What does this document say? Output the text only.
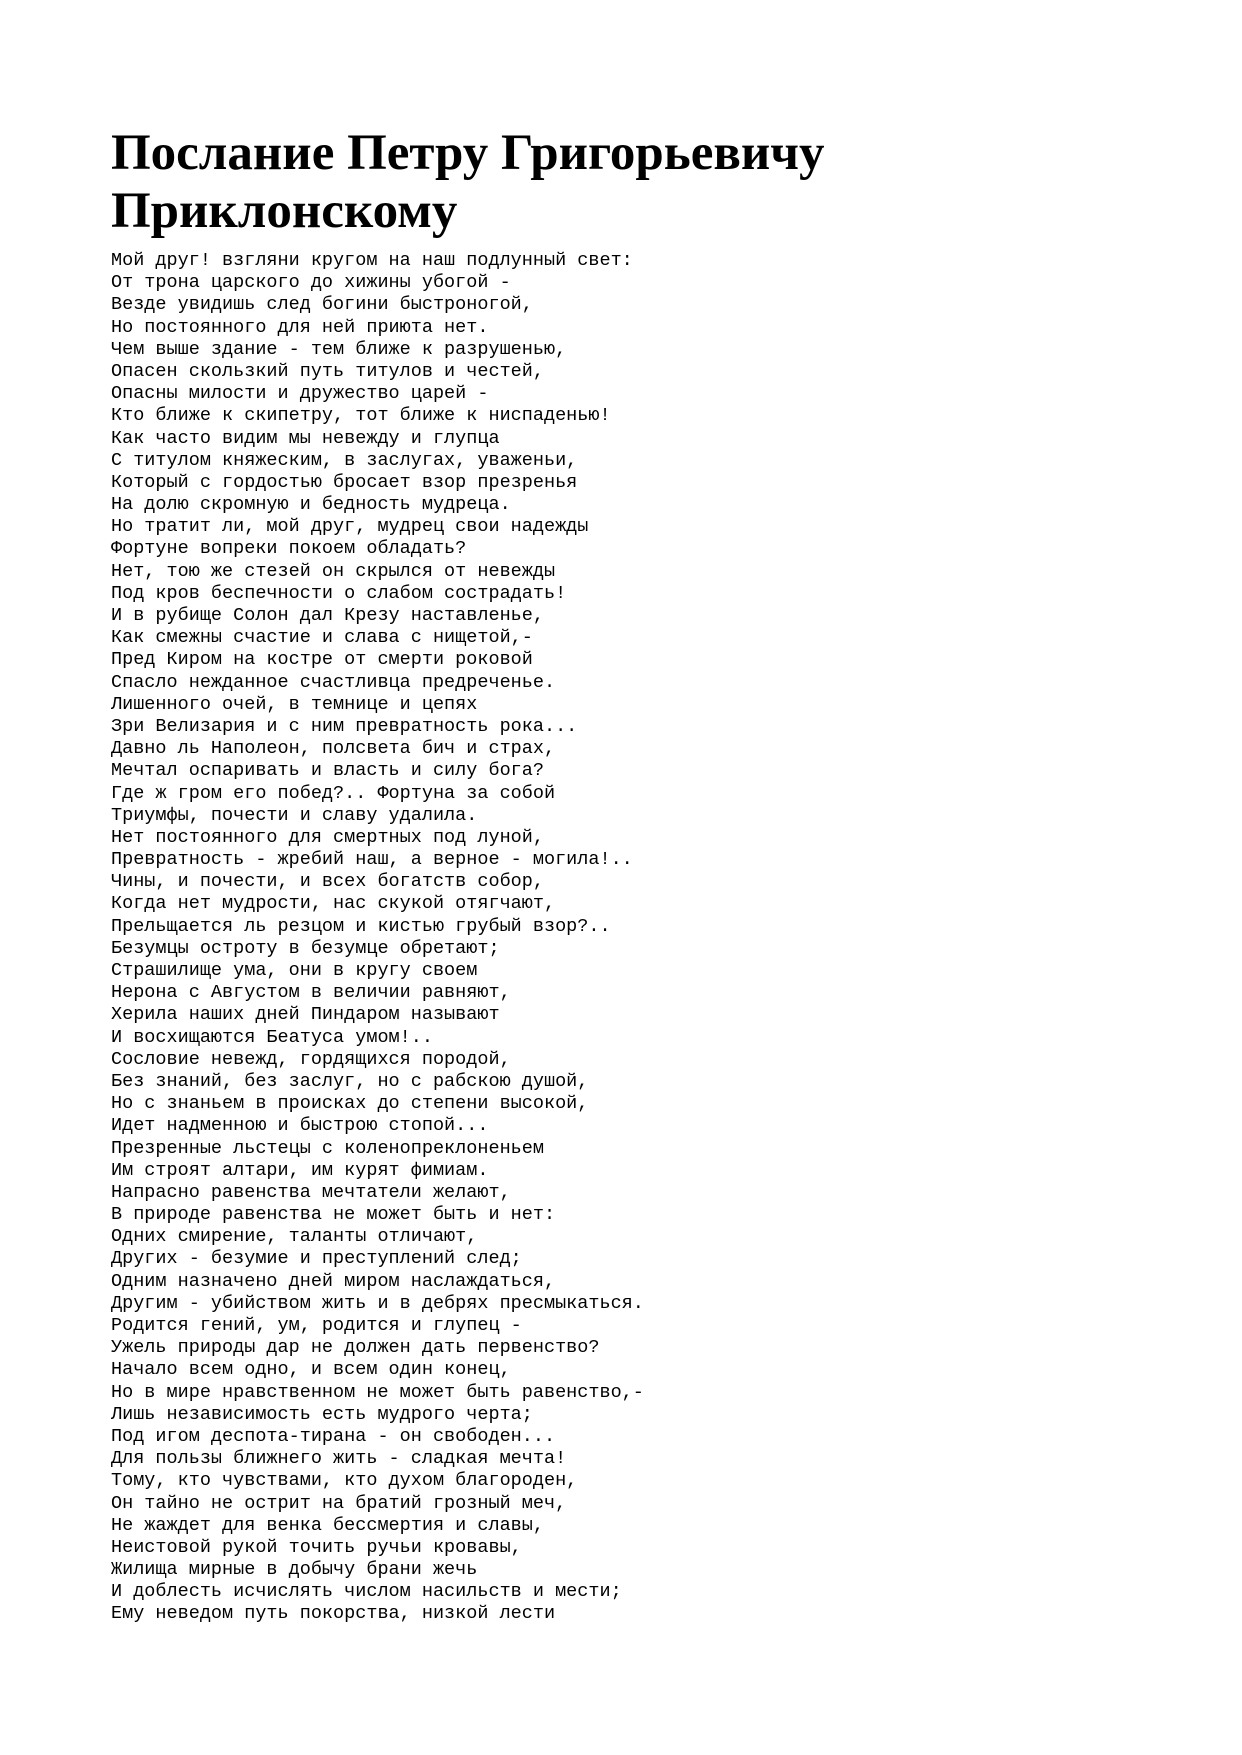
Послание Петру Григорьевичу
Приклонскому
Мой друг! взгляни кругом на наш подлунный свет:
От трона царского до хижины убогой -
Везде увидишь след богини быстроногой,
Но постоянного для ней приюта нет.
Чем выше здание - тем ближе к разрушенью,
Опасен скользкий путь титулов и честей,
Опасны милости и дружество царей -
Кто ближе к скипетру, тот ближе к ниспаденью!
Как часто видим мы невежду и глупца
С титулом княжеским, в заслугах, уваженьи,
Который с гордостью бросает взор презренья
На долю скромную и бедность мудреца.
Но тратит ли, мой друг, мудрец свои надежды
Фортуне вопреки покоем обладать?
Нет, тою же стезей он скрылся от невежды
Под кров беспечности о слабом сострадать!
И в рубище Солон дал Крезу наставленье,
Как смежны счастие и слава с нищетой,-
Пред Киром на костре от смерти роковой
Спасло нежданное счастливца предреченье.
Лишенного очей, в темнице и цепях
Зри Велизария и с ним превратность рока...
Давно ль Наполеон, полсвета бич и страх,
Мечтал оспаривать и власть и силу бога?
Где ж гром его побед?.. Фортуна за собой
Триумфы, почести и славу удалила.
Нет постоянного для смертных под луной,
Превратность - жребий наш, а верное - могила!..
Чины, и почести, и всех богатств собор,
Когда нет мудрости, нас скукой отягчают,
Прельщается ль резцом и кистью грубый взор?..
Безумцы остроту в безумце обретают;
Страшилище ума, они в кругу своем
Нерона с Августом в величии равняют,
Херила наших дней Пиндаром называют
И восхищаются Беатуса умом!..
Сословие невежд, гордящихся породой,
Без знаний, без заслуг, но с рабскою душой,
Но с знаньем в происках до степени высокой,
Идет надменною и быстрою стопой...
Презренные льстецы с коленопреклоненьем
Им строят алтари, им курят фимиам.
Напрасно равенства мечтатели желают,
В природе равенства не может быть и нет:
Одних смирение, таланты отличают,
Других - безумие и преступлений след;
Одним назначено дней миром наслаждаться,
Другим - убийством жить и в дебрях пресмыкаться.
Родится гений, ум, родится и глупец -
Ужель природы дар не должен дать первенство?
Начало всем одно, и всем один конец,
Но в мире нравственном не может быть равенство,-
Лишь независимость есть мудрого черта;
Под игом деспота-тирана - он свободен...
Для пользы ближнего жить - сладкая мечта!
Тому, кто чувствами, кто духом благороден,
Он тайно не острит на братий грозный меч,
Не жаждет для венка бессмертия и славы,
Неистовой рукой точить ручьи кровавы,
Жилища мирные в добычу брани жечь
И доблесть исчислять числом насильств и мести;
Ему неведом путь покорства, низкой лести
